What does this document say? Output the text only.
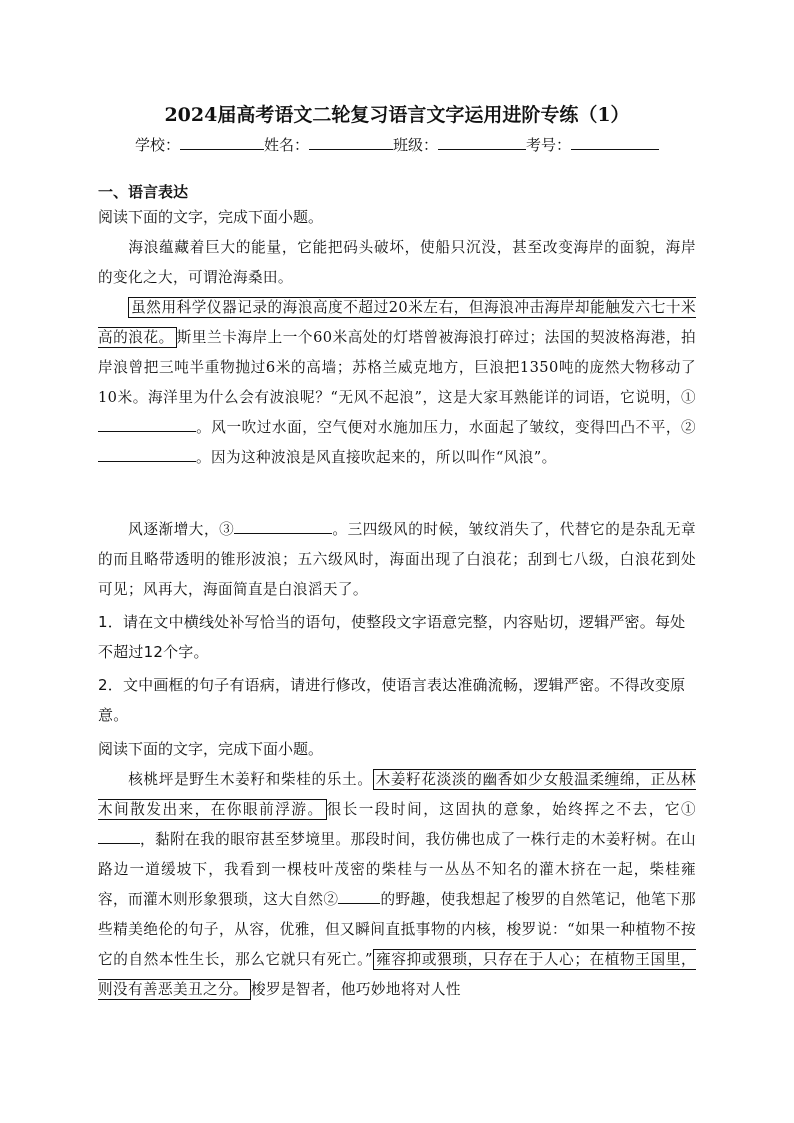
2024届高考语文二轮复习语言文字运用进阶专练（1）
学校：	姓名：	班级：	考号：
一、语言表达
阅读下面的文字，完成下面小题。
海浪蕴藏着巨大的能量，它能把码头破坏，使船只沉没，甚至改变海岸的面貌，海岸的变化之大，可谓沧海桑田。
虽然用科学仪器记录的海浪高度不超过20米左右，但海浪冲击海岸却能触发六七十米高的浪花。 斯里兰卡海岸上一个60米高处的灯塔曾被海浪打碎过；法国的契波格海港，拍岸浪曾把三吨半重物抛过6米的高墙；苏格兰威克地方，巨浪把1350吨的庞然大物移动了10米。海洋里为什么会有波浪呢？“无风不起浪”，这是大家耳熟能详的词语，它说明，①。风一吹过水面，空气便对水施加压力，水面起了皱纹，变得凹凸不平，②。因为这种波浪是风直接吹起来的，所以叫作“风浪”。
风逐渐增大，③	。三四级风的时候，皱纹消失了，代替它的是杂乱无章的而且略带透明的锥形波浪；五六级风时，海面出现了白浪花；刮到七八级，白浪花到处可见；风再大，海面简直是白浪滔天了。
1．请在文中横线处补写恰当的语句，使整段文字语意完整，内容贴切，逻辑严密。每处不超过12个字。
2．文中画框的句子有语病，请进行修改，使语言表达准确流畅，逻辑严密。不得改变原意。
阅读下面的文字，完成下面小题。
核桃坪是野生木姜籽和柴桂的乐土。 木姜籽花淡淡的幽香如少女般温柔缠绵，正丛林木间散发出来，在你眼前浮游。 很长一段时间，这固执的意象，始终挥之不去，它①，黏附在我的眼帘甚至梦境里。那段时间，我仿佛也成了一株行走的木姜籽树。在山路边一道缓坡下，我看到一棵枝叶茂密的柴桂与一丛丛不知名的灌木挤在一起，柴桂雍容，而灌木则形象猥琐，这大自然②	的野趣，使我想起了梭罗的自然笔记，他笔下那些精美绝伦的句子，从容，优雅，但又瞬间直抵事物的内核，梭罗说：“如果一种植物不按它的自然本性生长，那么它就只有死亡。” 雍容抑或猥琐，只存在于人心；在植物王国里，则没有善恶美丑之分。 梭罗是智者，他巧妙地将对人性
